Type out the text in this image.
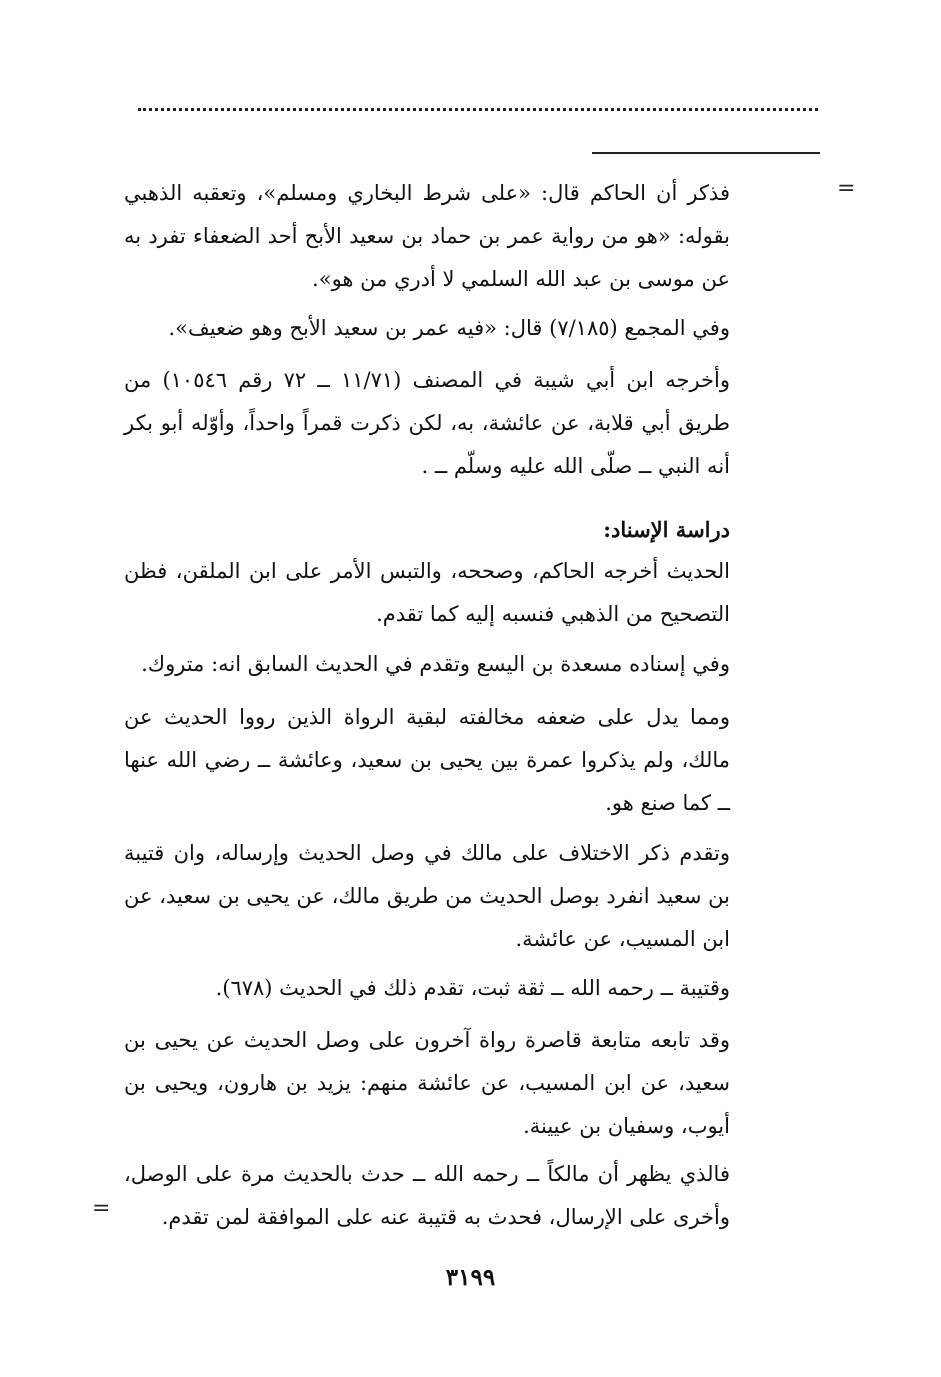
=
=
فذكر أن الحاكم قال: «على شرط البخاري ومسلم»، وتعقبه الذهبي بقوله: «هو من رواية عمر بن حماد بن سعيد الأبح أحد الضعفاء تفرد به عن موسى بن عبد الله السلمي لا أدري من هو».
وفي المجمع (٧/١٨٥) قال: «فيه عمر بن سعيد الأبح وهو ضعيف».
وأخرجه ابن أبي شيبة في المصنف (١١/٧١ ــ ٧٢ رقم ١٠٥٤٦) من طريق أبي قلابة، عن عائشة، به، لكن ذكرت قمراً واحداً، وأوّله أبو بكر أنه النبي ــ صلّى الله عليه وسلّم ــ .
دراسة الإسناد:
الحديث أخرجه الحاكم، وصححه، والتبس الأمر على ابن الملقن، فظن التصحيح من الذهبي فنسبه إليه كما تقدم.
وفي إسناده مسعدة بن اليسع وتقدم في الحديث السابق انه: متروك.
ومما يدل على ضعفه مخالفته لبقية الرواة الذين رووا الحديث عن مالك، ولم يذكروا عمرة بين يحيى بن سعيد، وعائشة ــ رضي الله عنها ــ كما صنع هو.
وتقدم ذكر الاختلاف على مالك في وصل الحديث وإرساله، وان قتيبة بن سعيد انفرد بوصل الحديث من طريق مالك، عن يحيى بن سعيد، عن ابن المسيب، عن عائشة.
وقتيبة ــ رحمه الله ــ ثقة ثبت، تقدم ذلك في الحديث (٦٧٨).
وقد تابعه متابعة قاصرة رواة آخرون على وصل الحديث عن يحيى بن سعيد، عن ابن المسيب، عن عائشة منهم: يزيد بن هارون، ويحيى بن أيوب، وسفيان بن عيينة.
فالذي يظهر أن مالكاً ــ رحمه الله ــ حدث بالحديث مرة على الوصل، وأخرى على الإرسال، فحدث به قتيبة عنه على الموافقة لمن تقدم.
٣١٩٩
